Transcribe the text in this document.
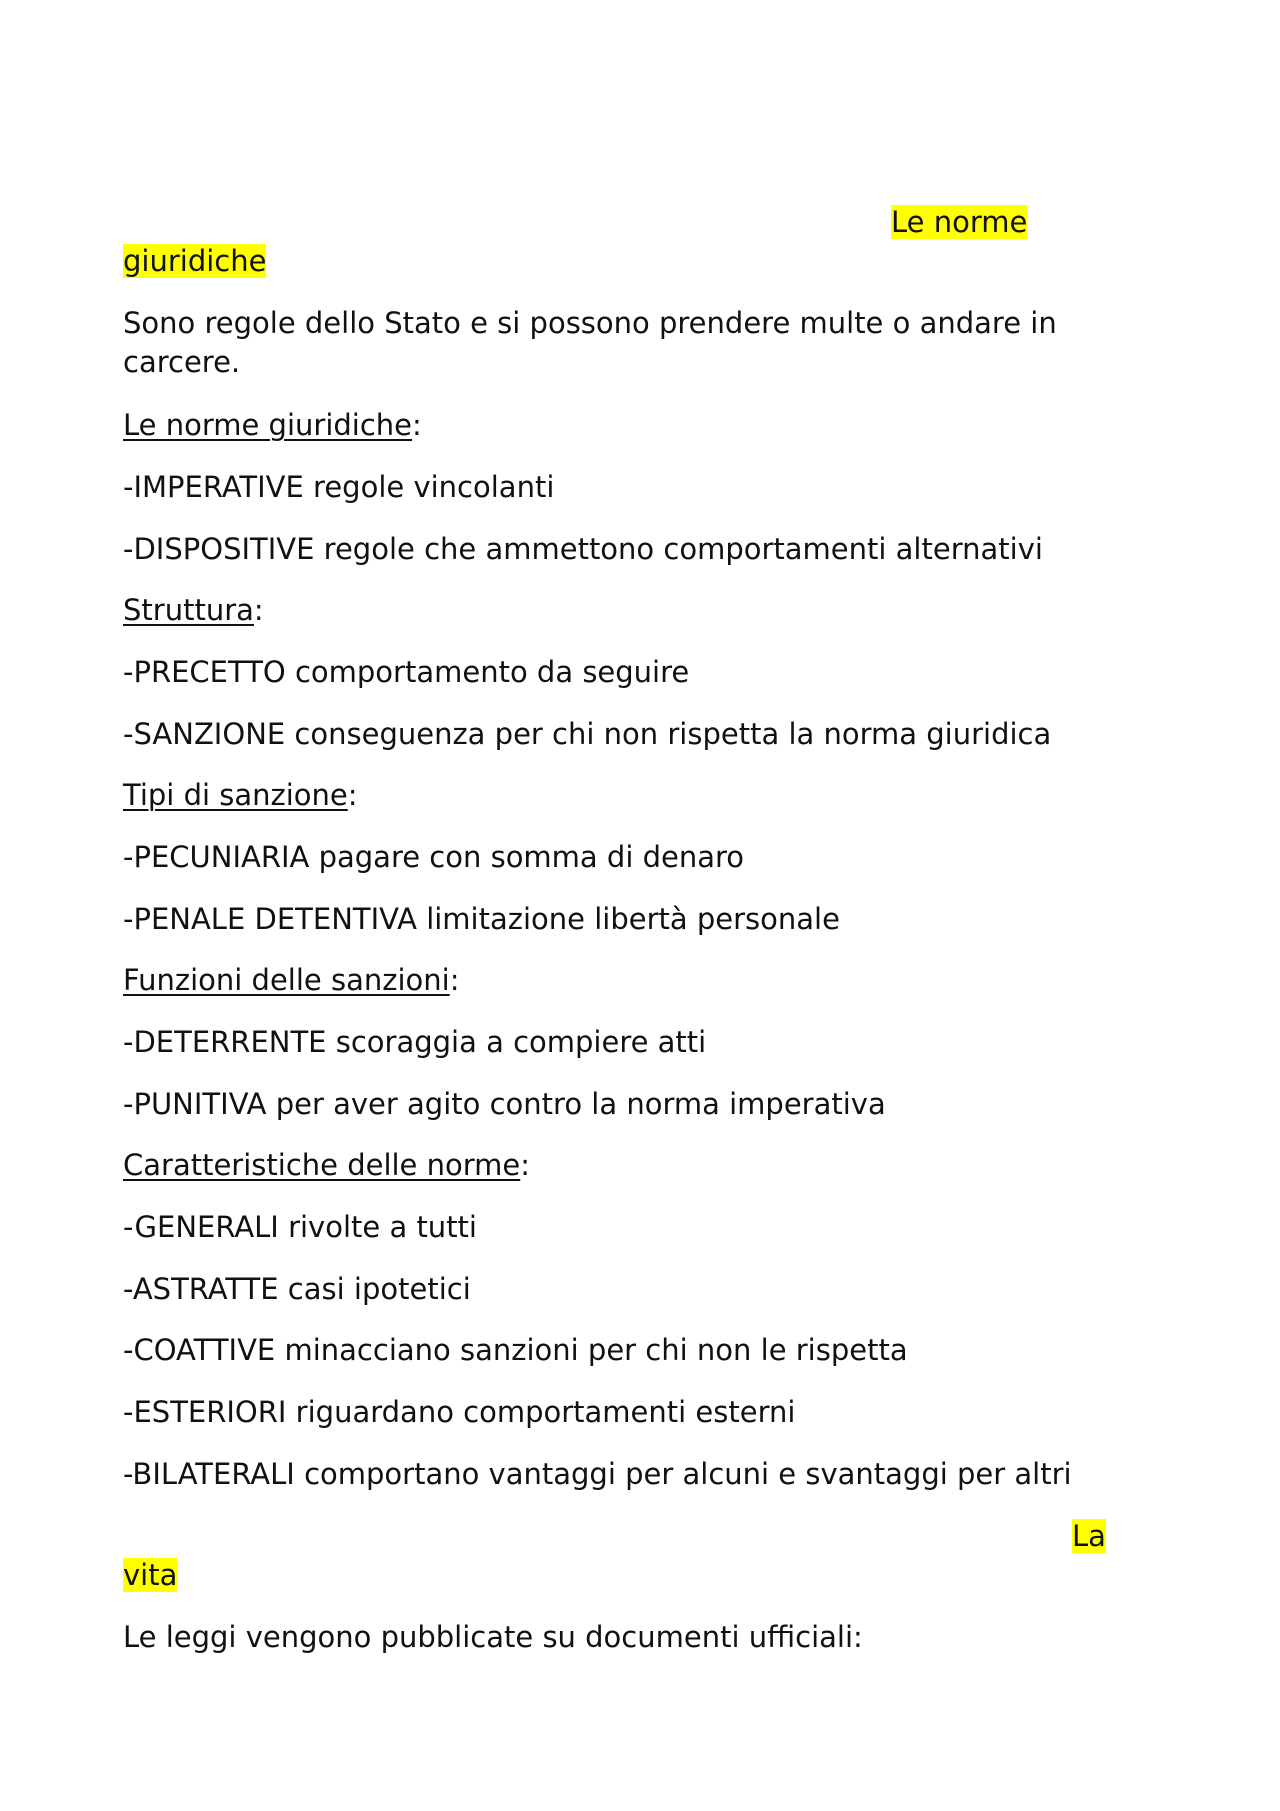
Le norme
giuridiche
Sono regole dello Stato e si possono prendere multe o andare in
carcere.
Le norme giuridiche:
-IMPERATIVE regole vincolanti
-DISPOSITIVE regole che ammettono comportamenti alternativi
Struttura:
-PRECETTO comportamento da seguire
-SANZIONE conseguenza per chi non rispetta la norma giuridica
Tipi di sanzione:
-PECUNIARIA pagare con somma di denaro
-PENALE DETENTIVA limitazione libertà personale
Funzioni delle sanzioni:
-DETERRENTE scoraggia a compiere atti
-PUNITIVA per aver agito contro la norma imperativa
Caratteristiche delle norme:
-GENERALI rivolte a tutti
-ASTRATTE casi ipotetici
-COATTIVE minacciano sanzioni per chi non le rispetta
-ESTERIORI riguardano comportamenti esterni
-BILATERALI comportano vantaggi per alcuni e svantaggi per altri
La
vita
Le leggi vengono pubblicate su documenti ufficiali:
